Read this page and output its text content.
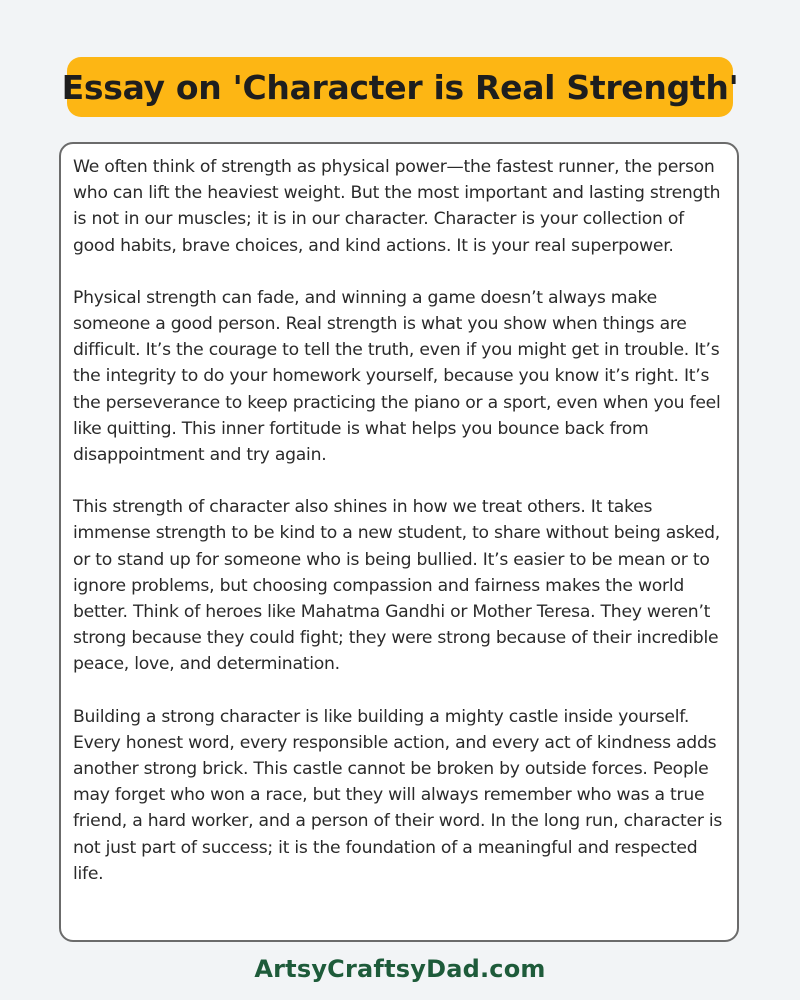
Essay on 'Character is Real Strength'

We often think of strength as physical power—the fastest runner, the person who can lift the heaviest weight. But the most important and lasting strength is not in our muscles; it is in our character. Character is your collection of good habits, brave choices, and kind actions. It is your real superpower.

Physical strength can fade, and winning a game doesn’t always make someone a good person. Real strength is what you show when things are difficult. It’s the courage to tell the truth, even if you might get in trouble. It’s the integrity to do your homework yourself, because you know it’s right. It’s the perseverance to keep practicing the piano or a sport, even when you feel like quitting. This inner fortitude is what helps you bounce back from disappointment and try again.

This strength of character also shines in how we treat others. It takes immense strength to be kind to a new student, to share without being asked, or to stand up for someone who is being bullied. It’s easier to be mean or to ignore problems, but choosing compassion and fairness makes the world better. Think of heroes like Mahatma Gandhi or Mother Teresa. They weren’t strong because they could fight; they were strong because of their incredible peace, love, and determination.

Building a strong character is like building a mighty castle inside yourself. Every honest word, every responsible action, and every act of kindness adds another strong brick. This castle cannot be broken by outside forces. People may forget who won a race, but they will always remember who was a true friend, a hard worker, and a person of their word. In the long run, character is not just part of success; it is the foundation of a meaningful and respected life.

ArtsyCraftsyDad.com
